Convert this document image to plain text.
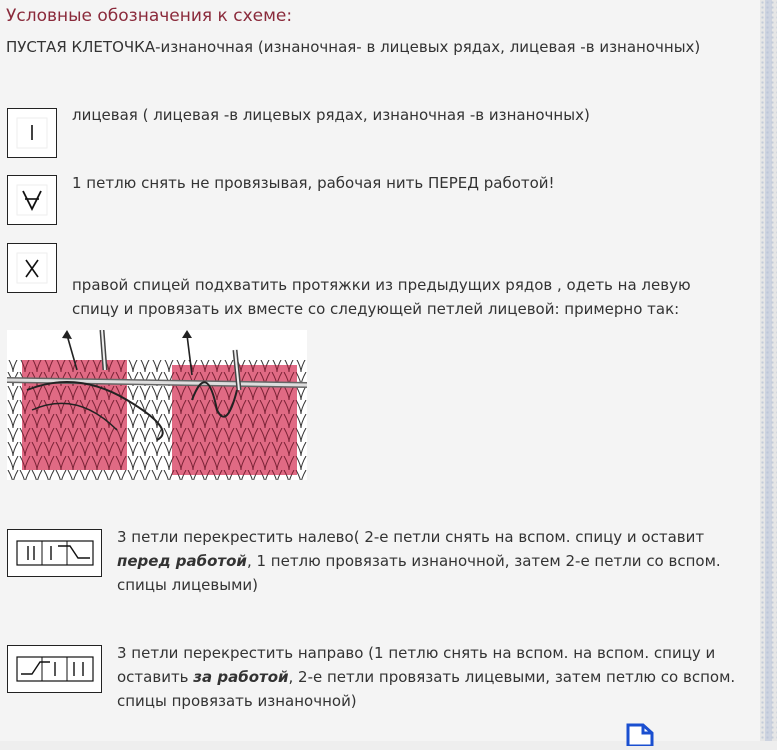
Условные обозначения к схеме:
ПУСТАЯ КЛЕТОЧКА-изнаночная (изнаночная- в лицевых рядах, лицевая -в изнаночных)
лицевая ( лицевая -в лицевых рядах, изнаночная -в изнаночных)
1 петлю снять не провязывая, рабочая нить ПЕРЕД работой!
правой спицей подхватить протяжки из предыдущих рядов , одеть на левую спицу и провязать их вместе со следующей петлей лицевой: примерно так:
3 петли перекрестить налево( 2-е петли снять на вспом. спицу и оставит перед работой, 1 петлю провязать изнаночной, затем 2-е петли со вспом. спицы лицевыми)
3 петли перекрестить направо (1 петлю снять на вспом. на вспом. спицу и оставить за работой, 2-е петли провязать лицевыми, затем петлю со вспом. спицы провязать изнаночной)
